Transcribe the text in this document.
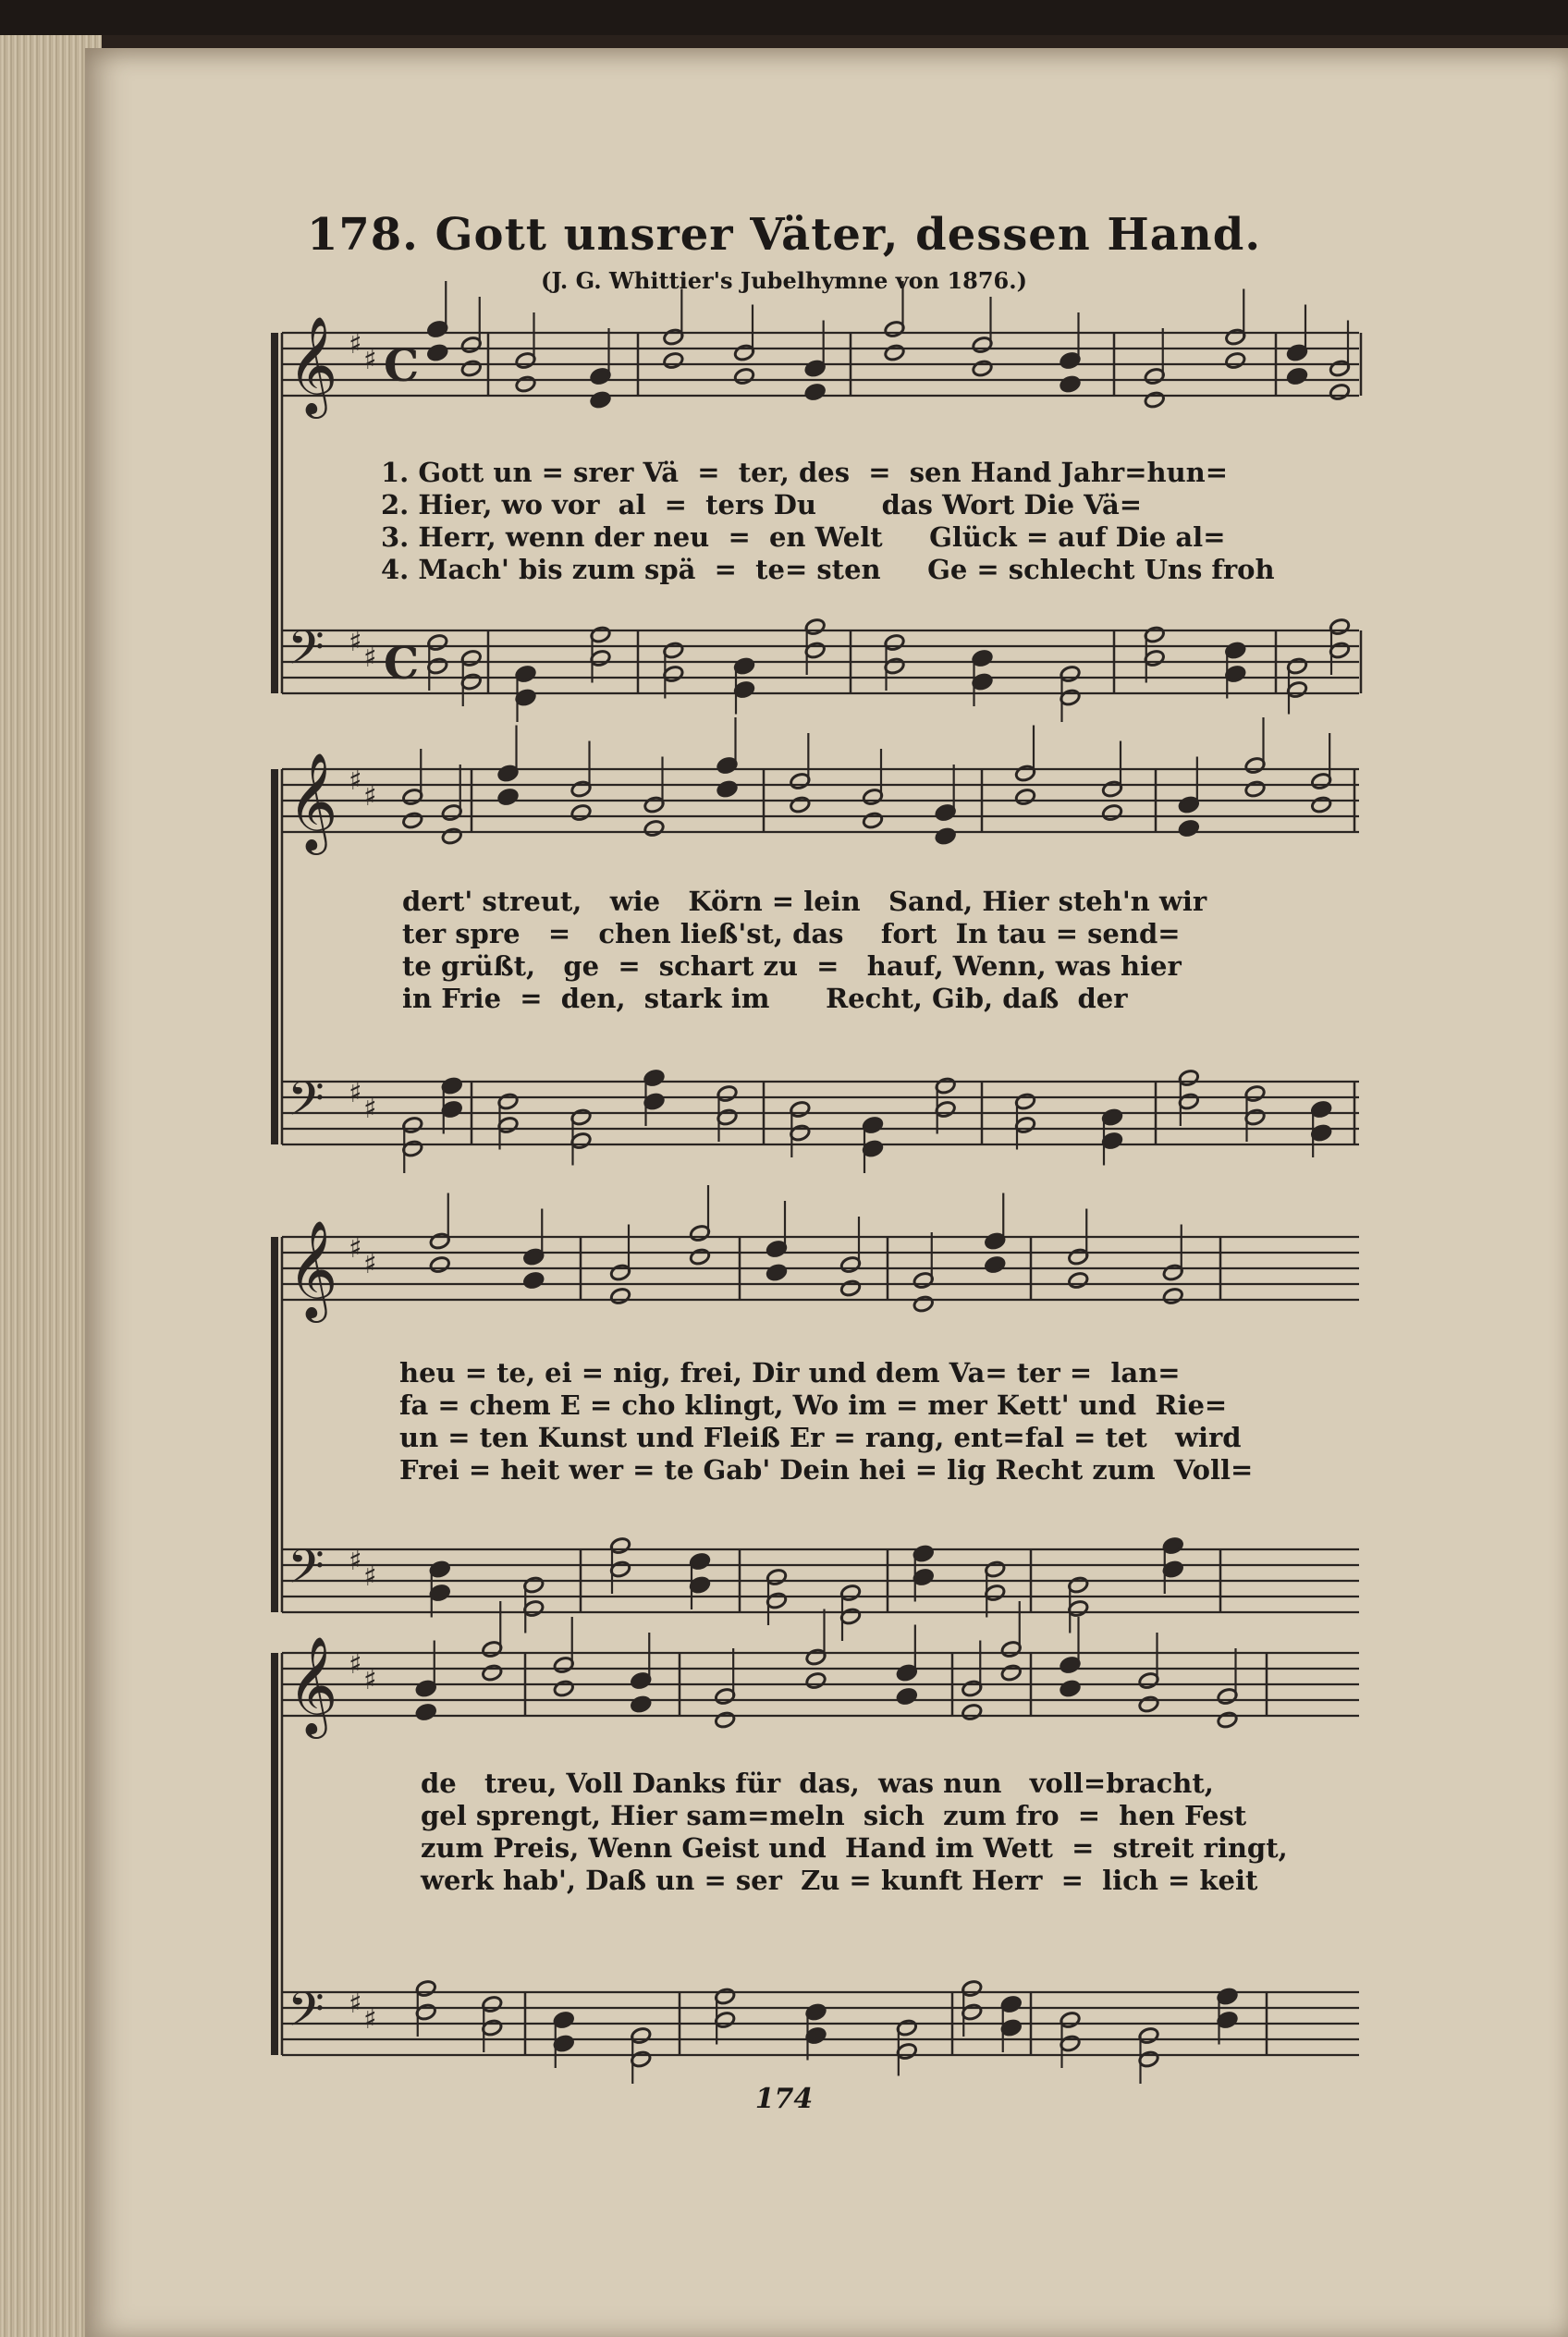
178. Gott unsrer Väter, dessen Hand.
(J. G. Whittier's Jubelhymne von 1876.)
𝄞 ♯ ♯ C
𝄢 ♯ ♯ C
𝄞 ♯ ♯
𝄢 ♯ ♯
𝄞 ♯ ♯
𝄢 ♯ ♯
𝄞 ♯ ♯
𝄢 ♯ ♯
1. Gott un = srer Vä  =  ter, des  =  sen Hand Jahr=hun=
2. Hier, wo vor  al  =  ters Du       das Wort Die Vä=
3. Herr, wenn der neu  =  en Welt     Glück = auf Die al=
4. Mach' bis zum spä  =  te= sten     Ge = schlecht Uns froh
dert' streut,   wie   Körn = lein   Sand, Hier steh'n wir
ter spre   =   chen ließ'st, das    fort  In tau = send=
te grüßt,   ge  =  schart zu  =   hauf, Wenn, was hier
in Frie  =  den,  stark im      Recht, Gib, daß  der
heu = te, ei = nig, frei, Dir und dem Va= ter =  lan=
fa = chem E = cho klingt, Wo im = mer Kett' und  Rie=
un = ten Kunst und Fleiß Er = rang, ent=fal = tet   wird
Frei = heit wer = te Gab' Dein hei = lig Recht zum  Voll=
de   treu, Voll Danks für  das,  was nun   voll=bracht,
gel sprengt, Hier sam=meln  sich  zum fro  =  hen Fest
zum Preis, Wenn Geist und  Hand im Wett  =  streit ringt,
werk hab', Daß un = ser  Zu = kunft Herr  =  lich = keit
174
